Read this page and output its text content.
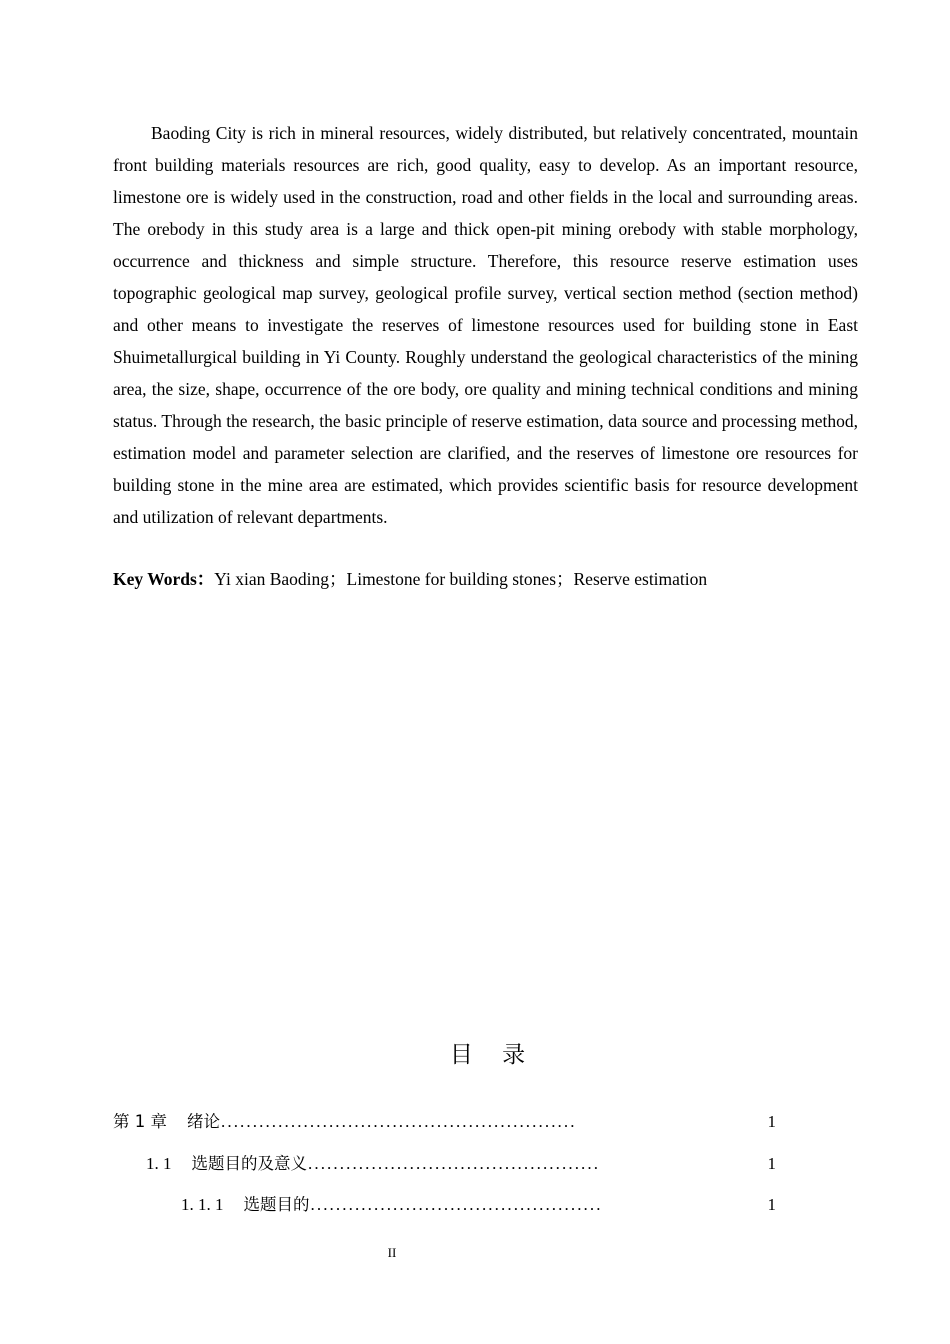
Baoding City is rich in mineral resources, widely distributed, but relatively concentrated, mountain front building materials resources are rich, good quality, easy to develop. As an important resource, limestone ore is widely used in the construction, road and other fields in the local and surrounding areas. The orebody in this study area is a large and thick open-pit mining orebody with stable morphology, occurrence and thickness and simple structure. Therefore, this resource reserve estimation uses topographic geological map survey, geological profile survey, vertical section method (section method) and other means to investigate the reserves of limestone resources used for building stone in East Shuimetallurgical building in Yi County. Roughly understand the geological characteristics of the mining area, the size, shape, occurrence of the ore body, ore quality and mining technical conditions and mining status. Through the research, the basic principle of reserve estimation, data source and processing method, estimation model and parameter selection are clarified, and the reserves of limestone ore resources for building stone in the mine area are estimated, which provides scientific basis for resource development and utilization of relevant departments.

Key Words：Yi xian Baoding；Limestone for building stones；Reserve estimation

目 录
第 1 章 绪论 ........................................................	1
1. 1 选题目的及意义 ..............................................	1
1. 1. 1 选题目的 ..............................................	1
II
